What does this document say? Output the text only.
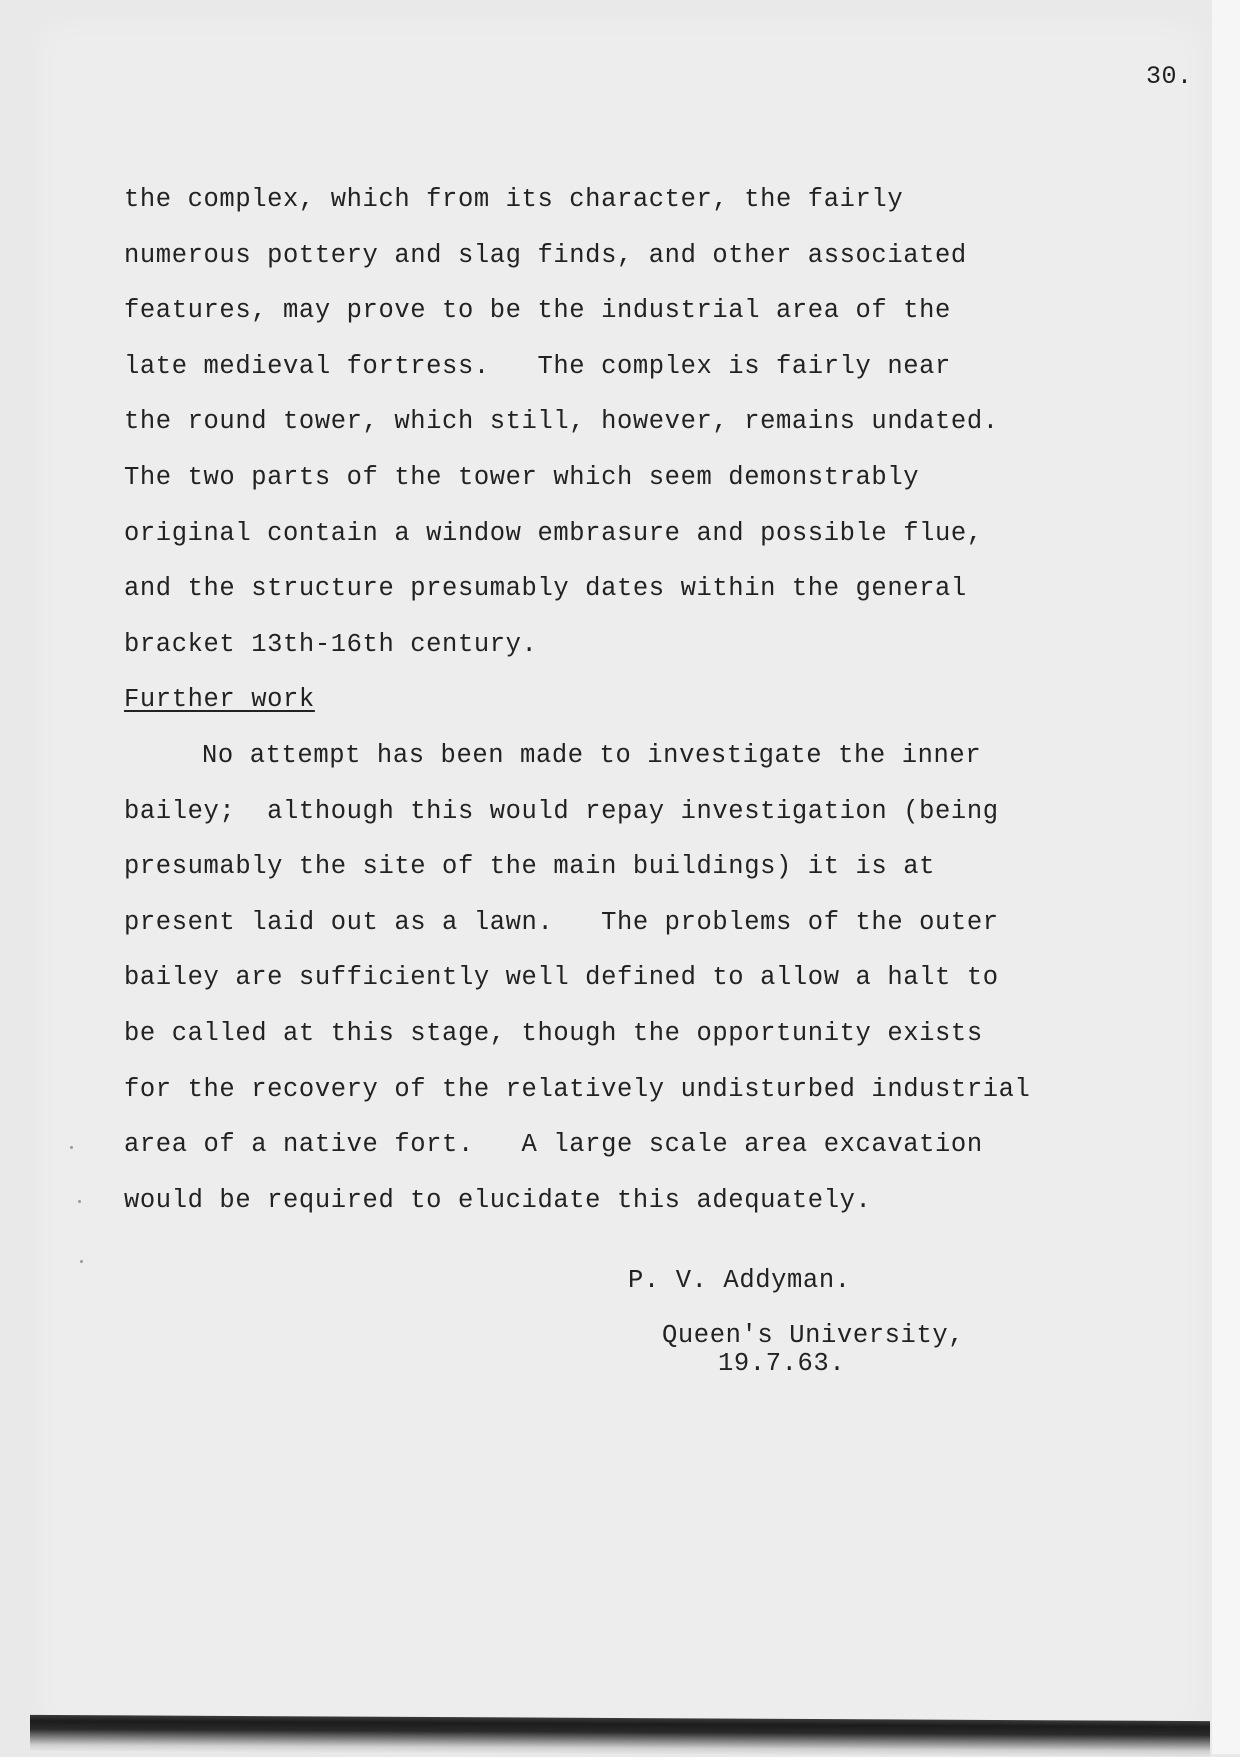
30.
the complex, which from its character, the fairly
numerous pottery and slag finds, and other associated
features, may prove to be the industrial area of the
late medieval fortress.   The complex is fairly near
the round tower, which still, however, remains undated.
The two parts of the tower which seem demonstrably
original contain a window embrasure and possible flue,
and the structure presumably dates within the general
bracket 13th-16th century.
Further work
No attempt has been made to investigate the inner
bailey;  although this would repay investigation (being
presumably the site of the main buildings) it is at
present laid out as a lawn.   The problems of the outer
bailey are sufficiently well defined to allow a halt to
be called at this stage, though the opportunity exists
for the recovery of the relatively undisturbed industrial
area of a native fort.   A large scale area excavation
would be required to elucidate this adequately.
P. V. Addyman.
Queen's University,
19.7.63.
